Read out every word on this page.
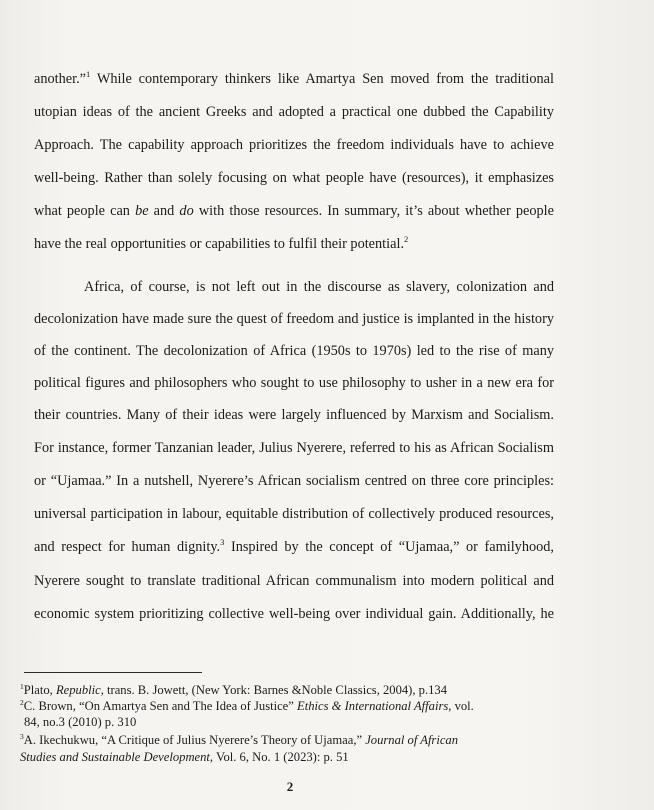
another.”$^1$ While contemporary thinkers like Amartya Sen moved from the traditional
utopian ideas of the ancient Greeks and adopted a practical one dubbed the Capability
Approach. The capability approach prioritizes the freedom individuals have to achieve
well-being. Rather than solely focusing on what people have (resources), it emphasizes
what people can be and do with those resources. In summary, it’s about whether people
have the real opportunities or capabilities to fulfil their potential.$^2$
Africa, of course, is not left out in the discourse as slavery, colonization and
decolonization have made sure the quest of freedom and justice is implanted in the history
of the continent. The decolonization of Africa (1950s to 1970s) led to the rise of many
political figures and philosophers who sought to use philosophy to usher in a new era for
their countries. Many of their ideas were largely influenced by Marxism and Socialism.
For instance, former Tanzanian leader, Julius Nyerere, referred to his as African Socialism
or “Ujamaa.” In a nutshell, Nyerere’s African socialism centred on three core principles:
universal participation in labour, equitable distribution of collectively produced resources,
and respect for human dignity.$^3$ Inspired by the concept of “Ujamaa,” or familyhood,
Nyerere sought to translate traditional African communalism into modern political and
economic system prioritizing collective well-being over individual gain. Additionally, he
$^1$Plato, Republic, trans. B. Jowett, (New York: Barnes &Noble Classics, 2004), p.134
$^2$C. Brown, “On Amartya Sen and The Idea of Justice” Ethics & International Affairs, vol.
84, no.3 (2010) p. 310
$^3$A. Ikechukwu, “A Critique of Julius Nyerere’s Theory of Ujamaa,” Journal of African
Studies and Sustainable Development, Vol. 6, No. 1 (2023): p. 51
2
